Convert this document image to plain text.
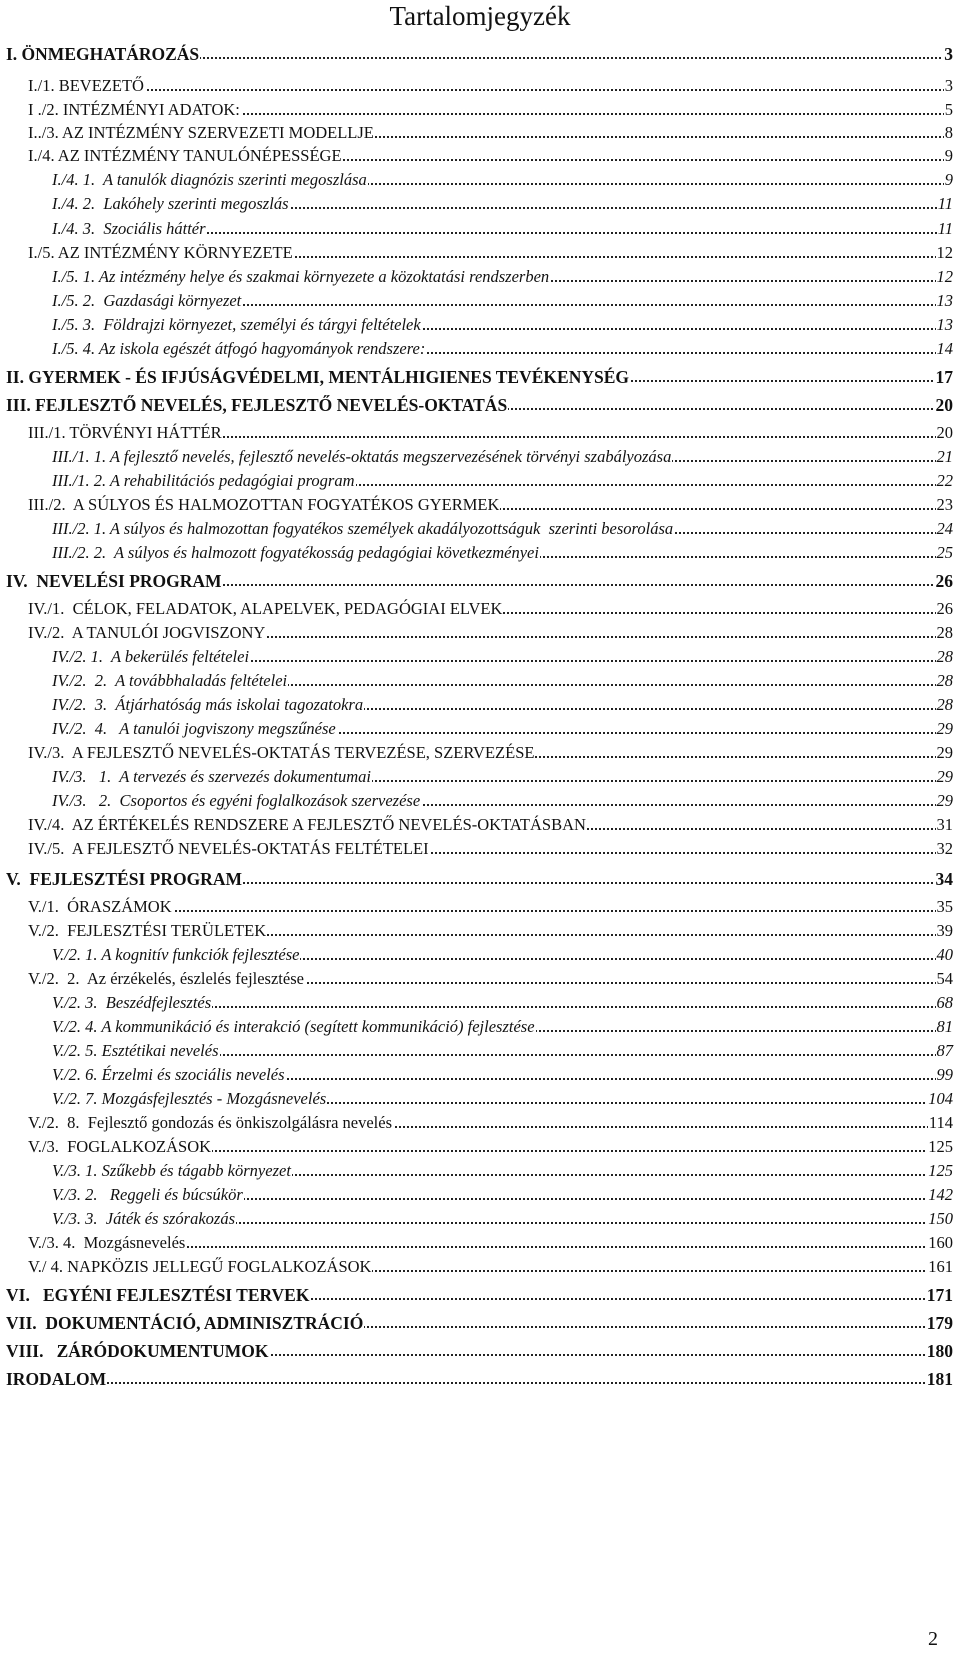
Tartalomjegyzék
I. ÖNMEGHATÁROZÁS	3
I./1. BEVEZETŐ	3
I ./2. INTÉZMÉNYI ADATOK:	5
I../3. AZ INTÉZMÉNY SZERVEZETI MODELLJE	8
I./4. AZ INTÉZMÉNY TANULÓNÉPESSÉGE	9
I./4. 1.  A tanulók diagnózis szerinti megoszlása	9
I./4. 2.  Lakóhely szerinti megoszlás	11
I./4. 3.  Szociális háttér	11
I./5. AZ INTÉZMÉNY KÖRNYEZETE	12
I./5. 1. Az intézmény helye és szakmai környezete a közoktatási rendszerben	12
I./5. 2.  Gazdasági környezet	13
I./5. 3.  Földrajzi környezet, személyi és tárgyi feltételek	13
I./5. 4. Az iskola egészét átfogó hagyományok rendszere:	14
II. GYERMEK - ÉS IFJÚSÁGVÉDELMI, MENTÁLHIGIENES TEVÉKENYSÉG	17
III. FEJLESZTŐ NEVELÉS, FEJLESZTŐ NEVELÉS-OKTATÁS	20
III./1. TÖRVÉNYI HÁTTÉR	20
III./1. 1. A fejlesztő nevelés, fejlesztő nevelés-oktatás megszervezésének törvényi szabályozása	21
III./1. 2. A rehabilitációs pedagógiai program	22
III./2.  A SÚLYOS ÉS HALMOZOTTAN FOGYATÉKOS GYERMEK	23
III./2. 1. A súlyos és halmozottan fogyatékos személyek akadályozottságuk  szerinti besorolása	24
III./2. 2.  A súlyos és halmozott fogyatékosság pedagógiai következményei	25
IV.  NEVELÉSI PROGRAM	26
IV./1.  CÉLOK, FELADATOK, ALAPELVEK, PEDAGÓGIAI ELVEK	26
IV./2.  A TANULÓI JOGVISZONY	28
IV./2. 1.  A bekerülés feltételei	28
IV./2.  2.  A továbbhaladás feltételei	28
IV./2.  3.  Átjárhatóság más iskolai tagozatokra	28
IV./2.  4.   A tanulói jogviszony megszűnése	29
IV./3.  A FEJLESZTŐ NEVELÉS-OKTATÁS TERVEZÉSE, SZERVEZÉSE	29
IV./3.   1.  A tervezés és szervezés dokumentumai	29
IV./3.   2.  Csoportos és egyéni foglalkozások szervezése	29
IV./4.  AZ ÉRTÉKELÉS RENDSZERE A FEJLESZTŐ NEVELÉS-OKTATÁSBAN	31
IV./5.  A FEJLESZTŐ NEVELÉS-OKTATÁS FELTÉTELEI	32
V.  FEJLESZTÉSI PROGRAM	34
V./1.  ÓRASZÁMOK	35
V./2.  FEJLESZTÉSI TERÜLETEK	39
V./2. 1. A kognitív funkciók fejlesztése	40
V./2.  2.  Az érzékelés, észlelés fejlesztése	54
V./2. 3.  Beszédfejlesztés	68
V./2. 4. A kommunikáció és interakció (segített kommunikáció) fejlesztése	81
V./2. 5. Esztétikai nevelés	87
V./2. 6. Érzelmi és szociális nevelés	99
V./2. 7. Mozgásfejlesztés - Mozgásnevelés	104
V./2.  8.  Fejlesztő gondozás és önkiszolgálásra nevelés	114
V./3.  FOGLALKOZÁSOK	125
V./3. 1. Szűkebb és tágabb környezet	125
V./3. 2.   Reggeli és búcsúkör	142
V./3. 3.  Játék és szórakozás	150
V./3. 4.  Mozgásnevelés	160
V./ 4. NAPKÖZIS JELLEGŰ FOGLALKOZÁSOK	161
VI.   EGYÉNI FEJLESZTÉSI TERVEK	171
VII.  DOKUMENTÁCIÓ, ADMINISZTRÁCIÓ	179
VIII.   ZÁRÓDOKUMENTUMOK	180
IRODALOM	181
2
